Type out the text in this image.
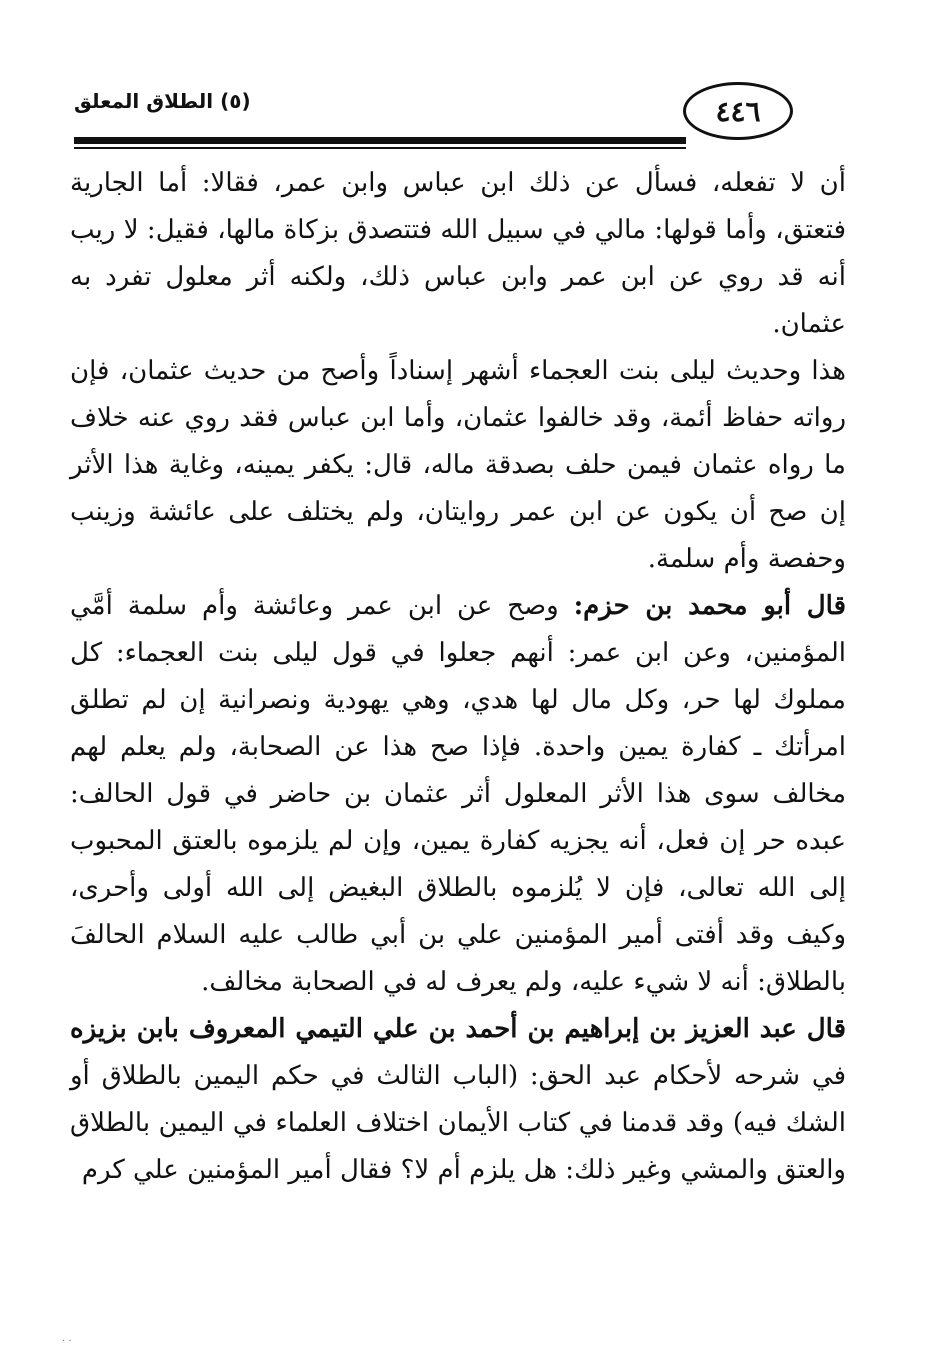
٤٤٦
(٥) الطلاق المعلق

أن لا تفعله، فسأل عن ذلك ابن عباس وابن عمر، فقالا: أما الجارية فتعتق، وأما قولها: مالي في سبيل الله فتتصدق بزكاة مالها، فقيل: لا ريب أنه قد روي عن ابن عمر وابن عباس ذلك، ولكنه أثر معلول تفرد به عثمان.

هذا وحديث ليلى بنت العجماء أشهر إسناداً وأصح من حديث عثمان، فإن رواته حفاظ أئمة، وقد خالفوا عثمان، وأما ابن عباس فقد روي عنه خلاف ما رواه عثمان فيمن حلف بصدقة ماله، قال: يكفر يمينه، وغاية هذا الأثر إن صح أن يكون عن ابن عمر روايتان، ولم يختلف على عائشة وزينب وحفصة وأم سلمة.

قال أبو محمد بن حزم: وصح عن ابن عمر وعائشة وأم سلمة أمَّي المؤمنين، وعن ابن عمر: أنهم جعلوا في قول ليلى بنت العجماء: كل مملوك لها حر، وكل مال لها هدي، وهي يهودية ونصرانية إن لم تطلق امرأتك ـ كفارة يمين واحدة. فإذا صح هذا عن الصحابة، ولم يعلم لهم مخالف سوى هذا الأثر المعلول أثر عثمان بن حاضر في قول الحالف: عبده حر إن فعل، أنه يجزيه كفارة يمين، وإن لم يلزموه بالعتق المحبوب إلى الله تعالى، فإن لا يُلزموه بالطلاق البغيض إلى الله أولى وأحرى، وكيف وقد أفتى أمير المؤمنين علي بن أبي طالب عليه السلام الحالفَ بالطلاق: أنه لا شيء عليه، ولم يعرف له في الصحابة مخالف.

قال عبد العزيز بن إبراهيم بن أحمد بن علي التيمي المعروف بابن بزيزه في شرحه لأحكام عبد الحق: (الباب الثالث في حكم اليمين بالطلاق أو الشك فيه) وقد قدمنا في كتاب الأيمان اختلاف العلماء في اليمين بالطلاق والعتق والمشي وغير ذلك: هل يلزم أم لا؟ فقال أمير المؤمنين علي كرم

· ·
